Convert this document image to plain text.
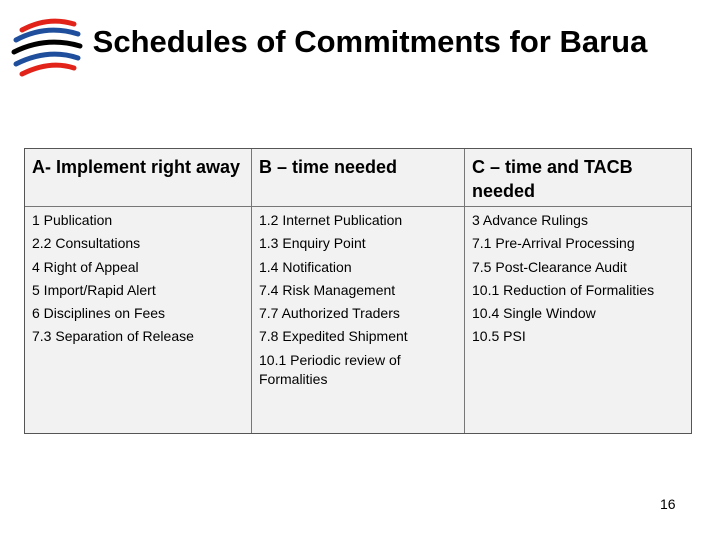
Schedules of Commitments for Barua
A- Implement right away B – time needed	C – time and TACB needed
1 Publication
2.2 Consultations
4 Right of Appeal
5 Import/Rapid Alert
6 Disciplines on Fees
7.3 Separation of Release
1.2 Internet Publication
1.3 Enquiry Point
1.4 Notification
7.4 Risk Management
7.7 Authorized Traders
7.8 Expedited Shipment
10.1 Periodic review of Formalities
3 Advance Rulings
7.1 Pre-Arrival Processing
7.5 Post-Clearance Audit
10.1 Reduction of Formalities
10.4 Single Window
10.5 PSI
16
